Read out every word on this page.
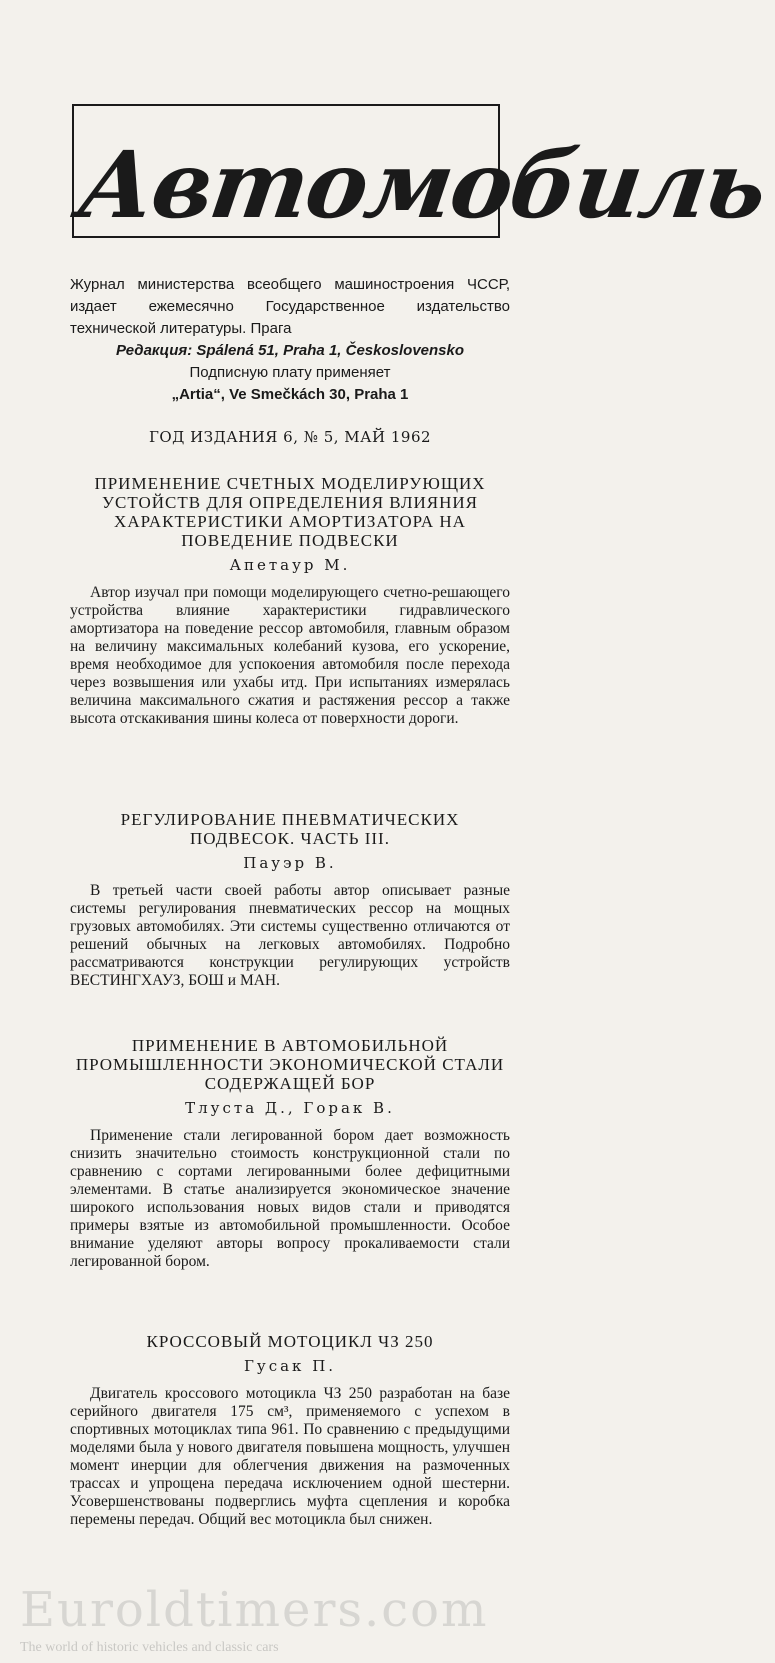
Автомобиль
Журнал министерства всеобщего машиностроения ЧССР, издает ежемесячно Государственное издательство технической литературы. Прага
Редакция: Spálená 51, Praha 1, Československo
Подписную плату применяет
„Artia“, Ve Smečkách 30, Praha 1
ГОД ИЗДАНИЯ 6, № 5, МАЙ 1962
ПРИМЕНЕНИЕ СЧЕТНЫХ МОДЕЛИРУЮЩИХ УСТОЙСТВ ДЛЯ ОПРЕДЕЛЕНИЯ ВЛИЯНИЯ ХАРАКТЕРИСТИКИ АМОРТИЗАТОРА НА ПОВЕДЕНИЕ ПОДВЕСКИ
Апетаур М.
Автор изучал при помощи моделирующего счетно-решающего устройства влияние характеристики гидравлического амортизатора на поведение рессор автомобиля, главным образом на величину максимальных колебаний кузова, его ускорение, время необходимое для успокоения автомобиля после перехода через возвышения или ухабы итд. При испытаниях измерялась величина максимального сжатия и растяжения рессор а также высота отскакивания шины колеса от поверхности дороги.
РЕГУЛИРОВАНИЕ ПНЕВМАТИЧЕСКИХ ПОДВЕСОК. ЧАСТЬ III.
Пауэр В.
В третьей части своей работы автор описывает разные системы регулирования пневматических рессор на мощных грузовых автомобилях. Эти системы существенно отличаются от решений обычных на легковых автомобилях. Подробно рассматриваются конструкции регулирующих устройств ВЕСТИНГХАУЗ, БОШ и МАН.
ПРИМЕНЕНИЕ В АВТОМОБИЛЬНОЙ ПРОМЫШЛЕННОСТИ ЭКОНОМИЧЕСКОЙ СТАЛИ СОДЕРЖАЩЕЙ БОР
Тлуста Д., Горак В.
Применение стали легированной бором дает возможность снизить значительно стоимость конструкционной стали по сравнению с сортами легированными более дефицитными элементами. В статье анализируется экономическое значение широкого использования новых видов стали и приводятся примеры взятые из автомобильной промышленности. Особое внимание уделяют авторы вопросу прокаливаемости стали легированной бором.
КРОССОВЫЙ МОТОЦИКЛ ЧЗ 250
Гусак П.
Двигатель кроссового мотоцикла ЧЗ 250 разработан на базе серийного двигателя 175 см³, применяемого с успехом в спортивных мотоциклах типа 961. По сравнению с предыдущими моделями была у нового двигателя повышена мощность, улучшен момент инерции для облегчения движения на размоченных трассах и упрощена передача исключением одной шестерни. Усовершенствованы подверглись муфта сцепления и коробка перемены передач. Общий вес мотоцикла был снижен.
Euroldtimers.com
The world of historic vehicles and classic cars
